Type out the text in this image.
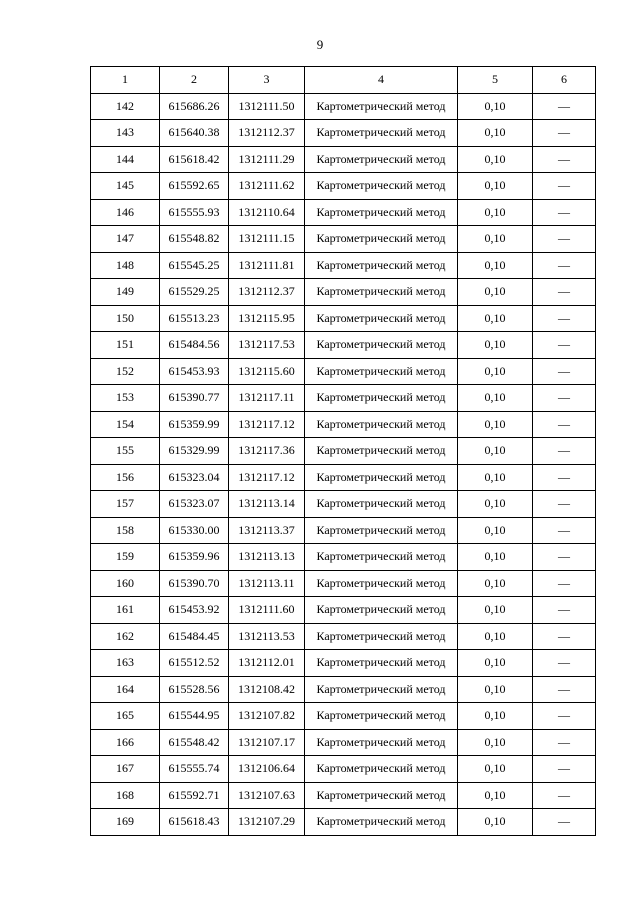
9
1	2	3	4	5	6
142	615686.26	1312111.50	Картометрический метод	0,10	—
143	615640.38	1312112.37	Картометрический метод	0,10	—
144	615618.42	1312111.29	Картометрический метод	0,10	—
145	615592.65	1312111.62	Картометрический метод	0,10	—
146	615555.93	1312110.64	Картометрический метод	0,10	—
147	615548.82	1312111.15	Картометрический метод	0,10	—
148	615545.25	1312111.81	Картометрический метод	0,10	—
149	615529.25	1312112.37	Картометрический метод	0,10	—
150	615513.23	1312115.95	Картометрический метод	0,10	—
151	615484.56	1312117.53	Картометрический метод	0,10	—
152	615453.93	1312115.60	Картометрический метод	0,10	—
153	615390.77	1312117.11	Картометрический метод	0,10	—
154	615359.99	1312117.12	Картометрический метод	0,10	—
155	615329.99	1312117.36	Картометрический метод	0,10	—
156	615323.04	1312117.12	Картометрический метод	0,10	—
157	615323.07	1312113.14	Картометрический метод	0,10	—
158	615330.00	1312113.37	Картометрический метод	0,10	—
159	615359.96	1312113.13	Картометрический метод	0,10	—
160	615390.70	1312113.11	Картометрический метод	0,10	—
161	615453.92	1312111.60	Картометрический метод	0,10	—
162	615484.45	1312113.53	Картометрический метод	0,10	—
163	615512.52	1312112.01	Картометрический метод	0,10	—
164	615528.56	1312108.42	Картометрический метод	0,10	—
165	615544.95	1312107.82	Картометрический метод	0,10	—
166	615548.42	1312107.17	Картометрический метод	0,10	—
167	615555.74	1312106.64	Картометрический метод	0,10	—
168	615592.71	1312107.63	Картометрический метод	0,10	—
169	615618.43	1312107.29	Картометрический метод	0,10	—
